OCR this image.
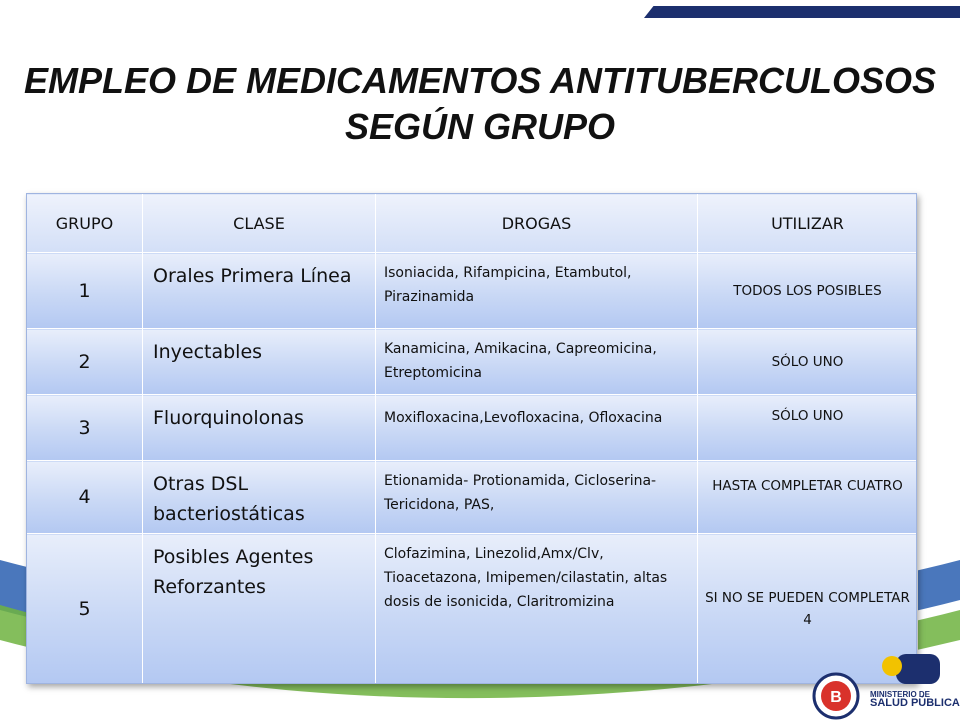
EMPLEO DE MEDICAMENTOS ANTITUBERCULOSOS
SEGÚN GRUPO
GRUPO	CLASE	DROGAS	UTILIZAR
1	Orales Primera Línea	Isoniacida, Rifampicina, Etambutol, Pirazinamida	TODOS LOS POSIBLES
2	Inyectables	Kanamicina, Amikacina, Capreomicina, Etreptomicina	SÓLO UNO
3	Fluorquinolonas	Moxifloxacina,Levofloxacina, Ofloxacina	SÓLO UNO
4	Otras DSL bacteriostáticas	Etionamida- Protionamida, Cicloserina-Tericidona, PAS,	HASTA COMPLETAR CUATRO
5	Posibles Agentes Reforzantes	Clofazimina, Linezolid,Amx/Clv, Tioacetazona, Imipemen/cilastatin, altas dosis de isonicida, Claritromizina	SI NO SE PUEDEN COMPLETAR 4
B	MINISTERIO DE
SALUD PÚBLICA
